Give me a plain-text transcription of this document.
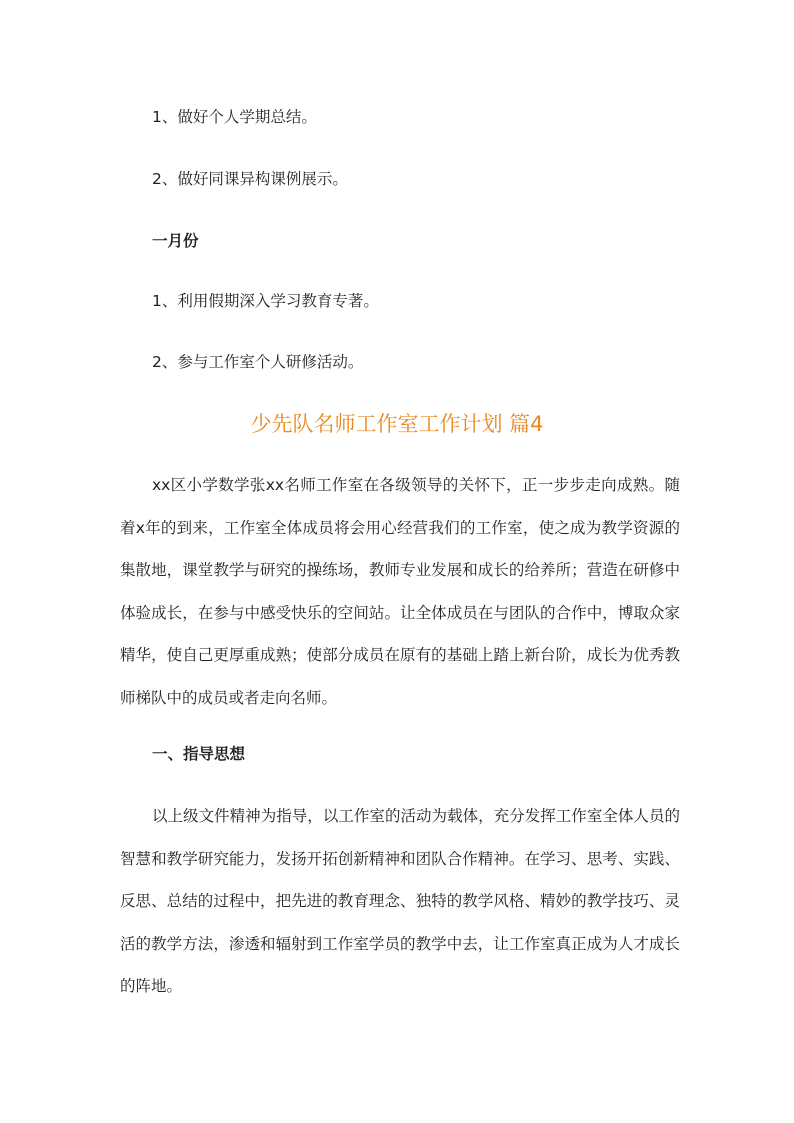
1、做好个人学期总结。
2、做好同课异构课例展示。
一月份
1、利用假期深入学习教育专著。
2、参与工作室个人研修活动。
少先队名师工作室工作计划 篇4
xx区小学数学张xx名师工作室在各级领导的关怀下，正一步步走向成熟。随着x年的到来，工作室全体成员将会用心经营我们的工作室，使之成为教学资源的集散地，课堂教学与研究的操练场，教师专业发展和成长的给养所；营造在研修中体验成长，在参与中感受快乐的空间站。让全体成员在与团队的合作中，博取众家精华，使自己更厚重成熟；使部分成员在原有的基础上踏上新台阶，成长为优秀教师梯队中的成员或者走向名师。
一、指导思想
以上级文件精神为指导，以工作室的活动为载体，充分发挥工作室全体人员的智慧和教学研究能力，发扬开拓创新精神和团队合作精神。在学习、思考、实践、反思、总结的过程中，把先进的教育理念、独特的教学风格、精妙的教学技巧、灵活的教学方法，渗透和辐射到工作室学员的教学中去，让工作室真正成为人才成长的阵地。
